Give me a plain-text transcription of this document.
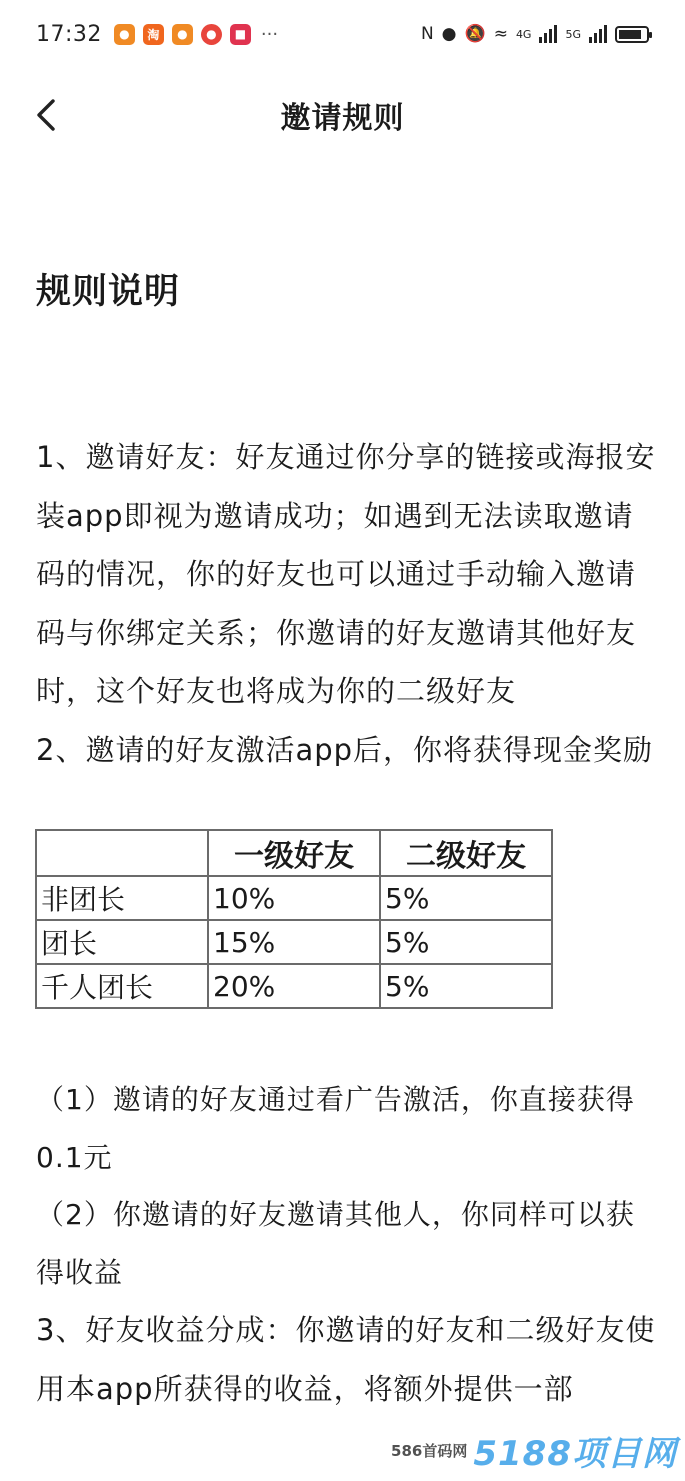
17:32	●	淘	●	●	■ ···	N ● 🔕 ≈ 4G	5G
邀请规则
规则说明

1、邀请好友：好友通过你分享的链接或海报安装app即视为邀请成功；如遇到无法读取邀请码的情况，你的好友也可以通过手动输入邀请码与你绑定关系；你邀请的好友邀请其他好友时，这个好友也将成为你的二级好友

2、邀请的好友激活app后，你将获得现金奖励

	一级好友	二级好友
非团长	10%	5%
团长	15%	5%
千人团长	20%	5%

（1）邀请的好友通过看广告激活，你直接获得0.1元

（2）你邀请的好友邀请其他人，你同样可以获得收益

3、好友收益分成：你邀请的好友和二级好友使用本app所获得的收益，将额外提供一部

586首码网 5188项目网
